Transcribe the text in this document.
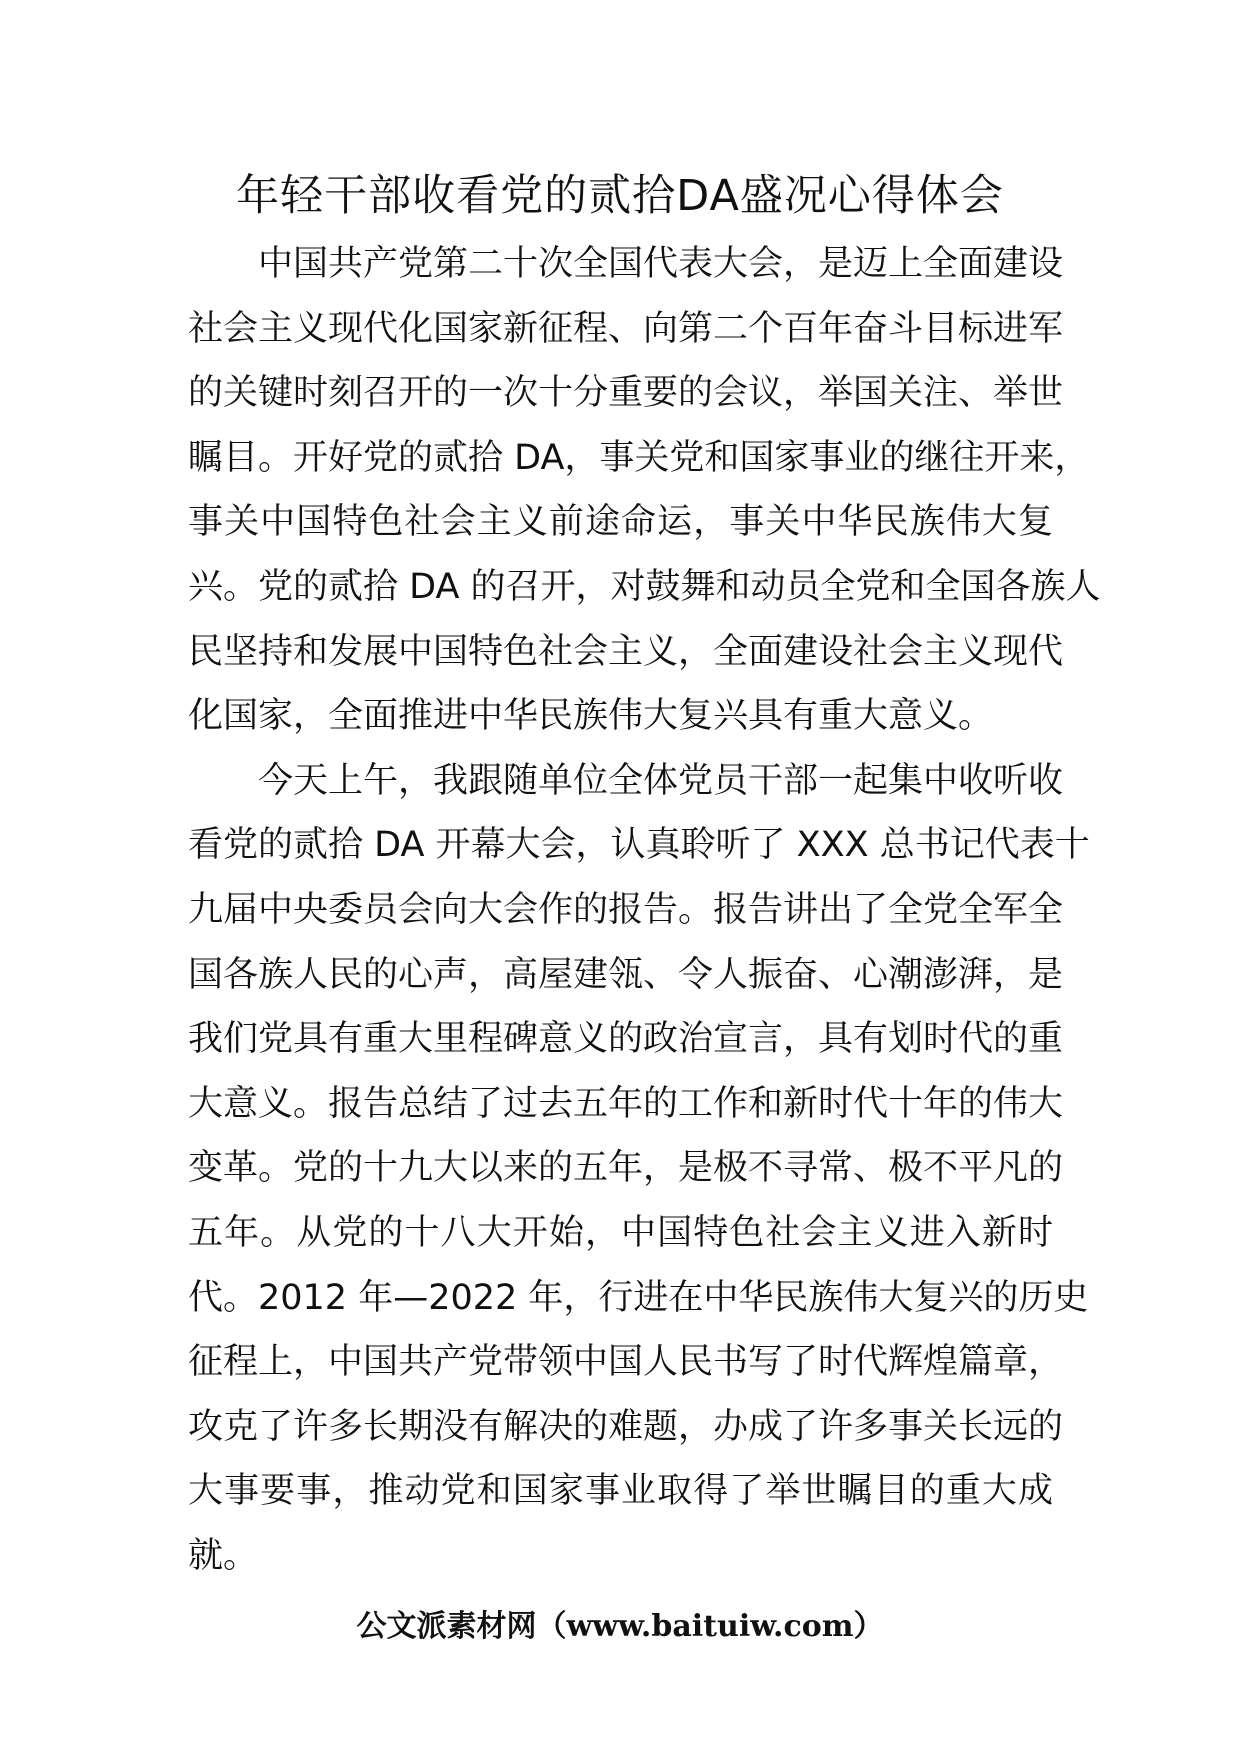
年轻干部收看党的贰拾DA盛况心得体会
中国共产党第二十次全国代表大会，是迈上全面建设
社会主义现代化国家新征程、向第二个百年奋斗目标进军
的关键时刻召开的一次十分重要的会议，举国关注、举世
瞩目。开好党的贰拾 DA，事关党和国家事业的继往开来，
事关中国特色社会主义前途命运，事关中华民族伟大复
兴。党的贰拾 DA 的召开，对鼓舞和动员全党和全国各族人
民坚持和发展中国特色社会主义，全面建设社会主义现代
化国家，全面推进中华民族伟大复兴具有重大意义。
今天上午，我跟随单位全体党员干部一起集中收听收
看党的贰拾 DA 开幕大会，认真聆听了 XXX 总书记代表十
九届中央委员会向大会作的报告。报告讲出了全党全军全
国各族人民的心声，高屋建瓴、令人振奋、心潮澎湃，是
我们党具有重大里程碑意义的政治宣言，具有划时代的重
大意义。报告总结了过去五年的工作和新时代十年的伟大
变革。党的十九大以来的五年，是极不寻常、极不平凡的
五年。从党的十八大开始，中国特色社会主义进入新时
代。2012 年—2022 年，行进在中华民族伟大复兴的历史
征程上，中国共产党带领中国人民书写了时代辉煌篇章，
攻克了许多长期没有解决的难题，办成了许多事关长远的
大事要事，推动党和国家事业取得了举世瞩目的重大成
就。
公文派素材网（www.baituiw.com）
